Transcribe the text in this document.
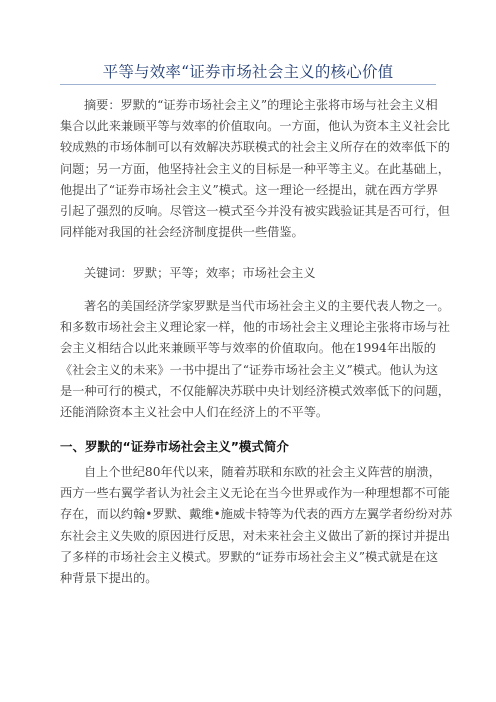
平等与效率“证券市场社会主义的核心价值
摘要：罗默的“证券市场社会主义”的理论主张将市场与社会主义相
集合以此来兼顾平等与效率的价值取向。一方面，他认为资本主义社会比
较成熟的市场体制可以有效解决苏联模式的社会主义所存在的效率低下的
问题；另一方面，他坚持社会主义的目标是一种平等主义。在此基础上，
他提出了“证券市场社会主义”模式。这一理论一经提出，就在西方学界
引起了强烈的反响。尽管这一模式至今并没有被实践验证其是否可行，但
同样能对我国的社会经济制度提供一些借鉴。
关键词：罗默；平等；效率；市场社会主义
著名的美国经济学家罗默是当代市场社会主义的主要代表人物之一。
和多数市场社会主义理论家一样，他的市场社会主义理论主张将市场与社
会主义相结合以此来兼顾平等与效率的价值取向。他在1994年出版的
《社会主义的未来》一书中提出了“证券市场社会主义”模式。他认为这
是一种可行的模式，不仅能解决苏联中央计划经济模式效率低下的问题，
还能消除资本主义社会中人们在经济上的不平等。
一、罗默的“证券市场社会主义”模式简介
自上个世纪80年代以来，随着苏联和东欧的社会主义阵营的崩溃，
西方一些右翼学者认为社会主义无论在当今世界或作为一种理想都不可能
存在，而以约翰•罗默、戴维•施威卡特等为代表的西方左翼学者纷纷对苏
东社会主义失败的原因进行反思，对未来社会主义做出了新的探讨并提出
了多样的市场社会主义模式。罗默的“证券市场社会主义”模式就是在这
种背景下提出的。
